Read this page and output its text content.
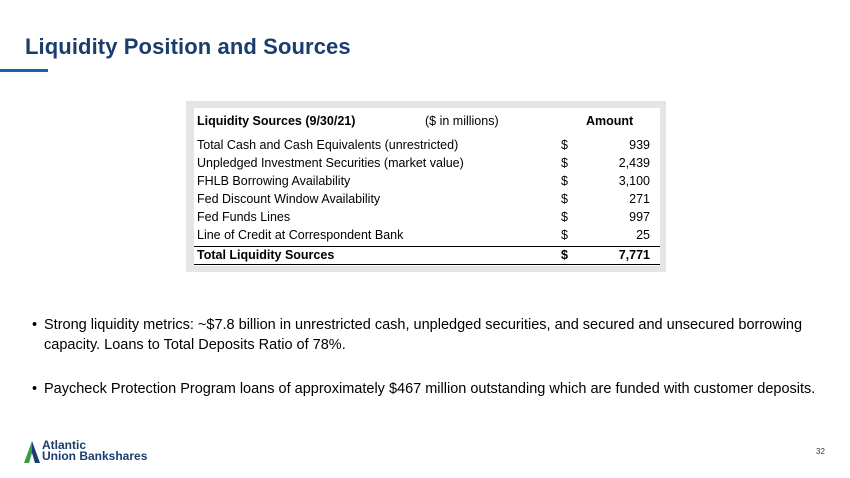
Liquidity Position and Sources
Liquidity Sources (9/30/21)	($ in millions)	Amount
Total Cash and Cash Equivalents (unrestricted)	$	939
Unpledged Investment Securities (market value)	$	2,439
FHLB Borrowing Availability	$	3,100
Fed Discount Window Availability	$	271
Fed Funds Lines	$	997
Line of Credit at Correspondent Bank	$	25
Total Liquidity Sources	$	7,771
• Strong liquidity metrics: ~$7.8 billion in unrestricted cash, unpledged securities, and secured and unsecured borrowing capacity. Loans to Total Deposits Ratio of 78%.
• Paycheck Protection Program loans of approximately $467 million outstanding which are funded with customer deposits.
Atlantic
Union Bankshares	32
